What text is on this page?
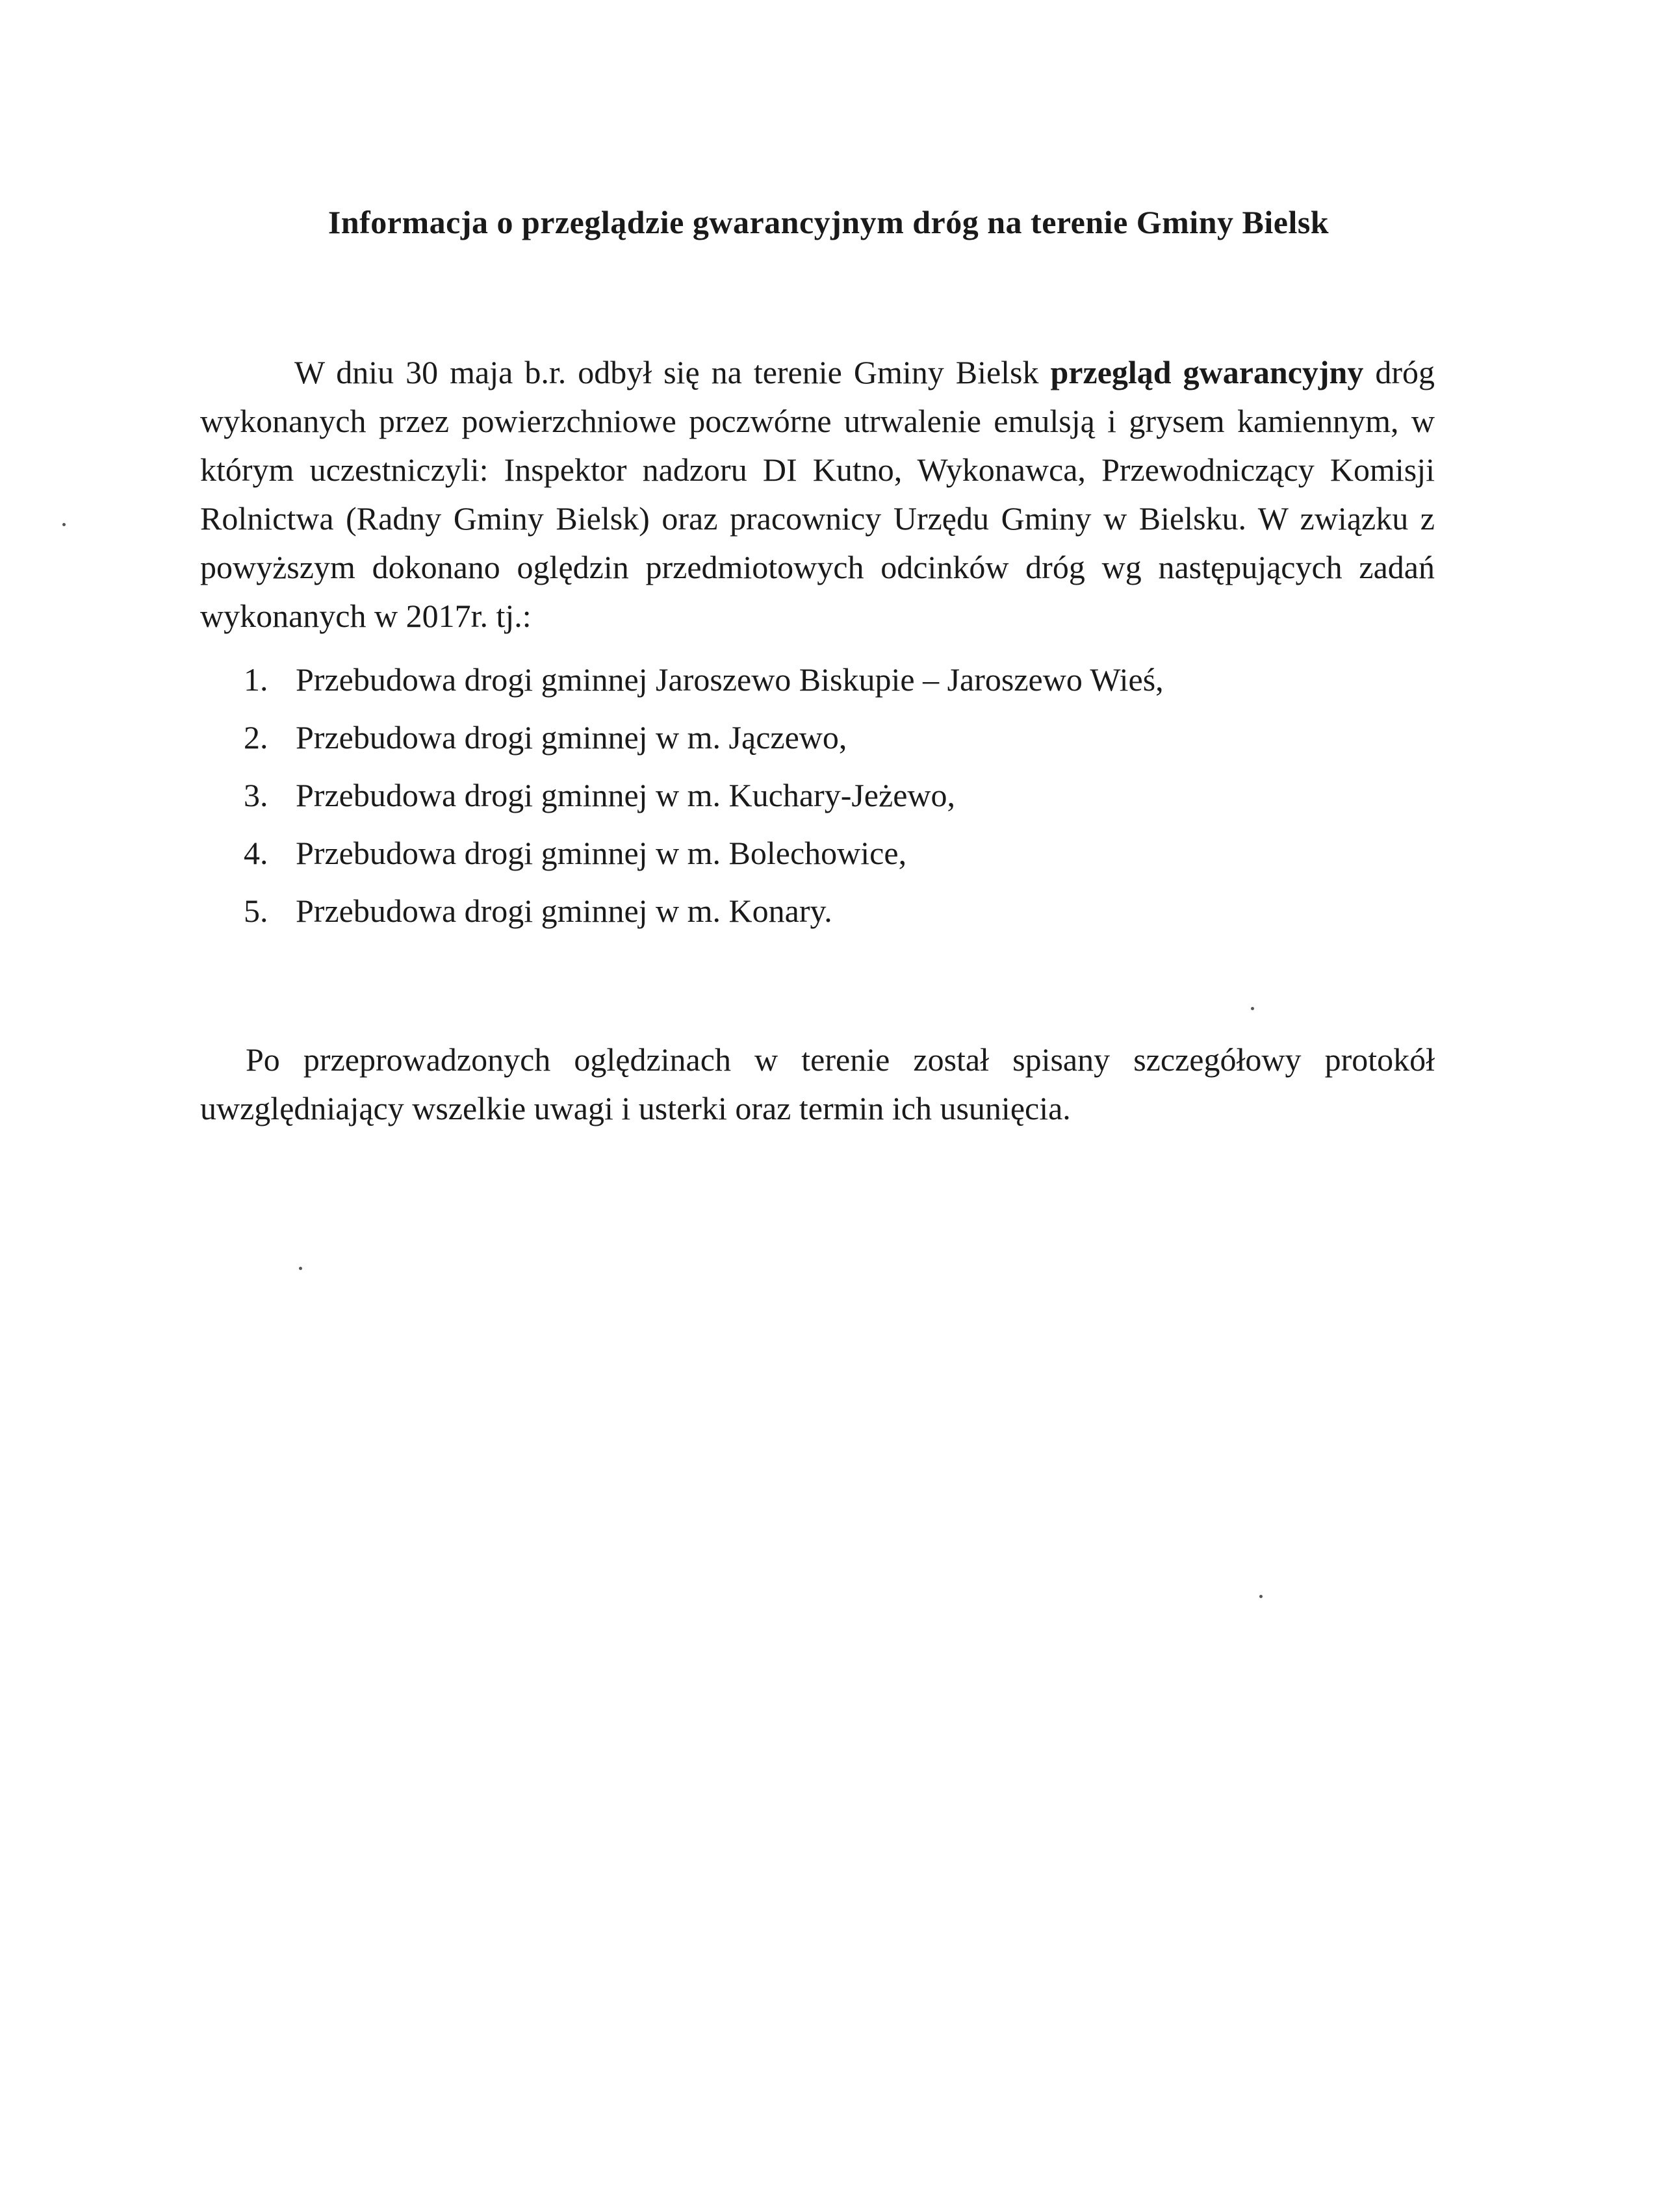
Informacja o przeglądzie gwarancyjnym dróg na terenie Gminy Bielsk

W dniu 30 maja b.r. odbył się na terenie Gminy Bielsk przegląd gwarancyjny dróg wykonanych przez powierzchniowe poczwórne utrwalenie emulsją i grysem kamiennym, w którym uczestniczyli: Inspektor nadzoru DI Kutno, Wykonawca, Przewodniczący Komisji Rolnictwa (Radny Gminy Bielsk) oraz pracownicy Urzędu Gminy w Bielsku. W związku z powyższym dokonano oględzin przedmiotowych odcinków dróg wg następujących zadań wykonanych w 2017r. tj.:

1. Przebudowa drogi gminnej Jaroszewo Biskupie – Jaroszewo Wieś,
2. Przebudowa drogi gminnej w m. Jączewo,
3. Przebudowa drogi gminnej w m. Kuchary-Jeżewo,
4. Przebudowa drogi gminnej w m. Bolechowice,
5. Przebudowa drogi gminnej w m. Konary.

Po przeprowadzonych oględzinach w terenie został spisany szczegółowy protokół uwzględniający wszelkie uwagi i usterki oraz termin ich usunięcia.
